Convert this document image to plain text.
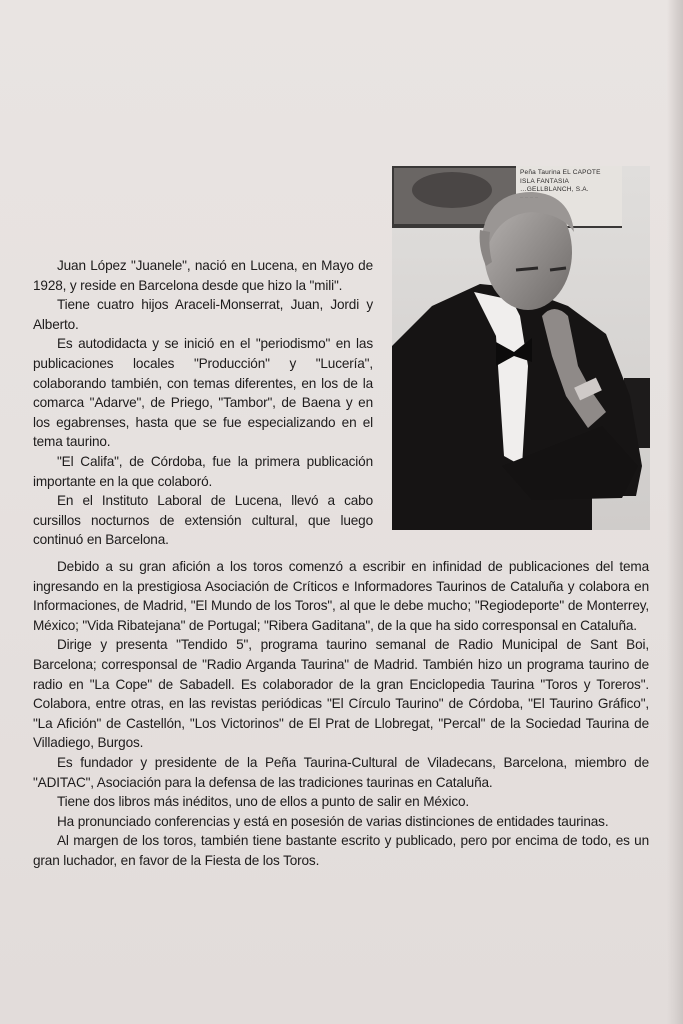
Peña Taurina EL CAPOTE
ISLA FANTASIA
…GELLBLANCH, S.A.
… … … …

Juan López "Juanele", nació en Lucena, en Mayo de 1928, y reside en Barcelona desde que hizo la "mili".

Tiene cuatro hijos Araceli-Monserrat, Juan, Jordi y Alberto.

Es autodidacta y se inició en el "periodismo" en las publicaciones locales "Producción" y "Lucería", colaborando también, con temas diferentes, en los de la comarca "Adarve", de Priego, "Tambor", de Baena y en los egabrenses, hasta que se fue especializando en el tema taurino.

"El Califa", de Córdoba, fue la primera publicación importante en la que colaboró.

En el Instituto Laboral de Lucena, llevó a cabo cursillos nocturnos de extensión cultural, que luego continuó en Barcelona.

Debido a su gran afición a los toros comenzó a escribir en infinidad de publicaciones del tema ingresando en la prestigiosa Asociación de Críticos e Informadores Taurinos de Cataluña y colabora en Informaciones, de Madrid, "El Mundo de los Toros", al que le debe mucho; "Regiodeporte" de Monterrey, México; "Vida Ribatejana" de Portugal; "Ribera Gaditana", de la que ha sido corresponsal en Cataluña.

Dirige y presenta "Tendido 5", programa taurino semanal de Radio Municipal de Sant Boi, Barcelona; corresponsal de "Radio Arganda Taurina" de Madrid. También hizo un programa taurino de radio en "La Cope" de Sabadell. Es colaborador de la gran Enciclopedia Taurina "Toros y Toreros". Colabora, entre otras, en las revistas periódicas "El Círculo Taurino" de Córdoba, "El Taurino Gráfico", "La Afición" de Castellón, "Los Victorinos" de El Prat de Llobregat, "Percal" de la Sociedad Taurina de Villadiego, Burgos.

Es fundador y presidente de la Peña Taurina-Cultural de Viladecans, Barcelona, miembro de "ADITAC", Asociación para la defensa de las tradiciones taurinas en Cataluña.

Tiene dos libros más inéditos, uno de ellos a punto de salir en México.

Ha pronunciado conferencias y está en posesión de varias distinciones de entidades taurinas.

Al margen de los toros, también tiene bastante escrito y publicado, pero por encima de todo, es un gran luchador, en favor de la Fiesta de los Toros.
